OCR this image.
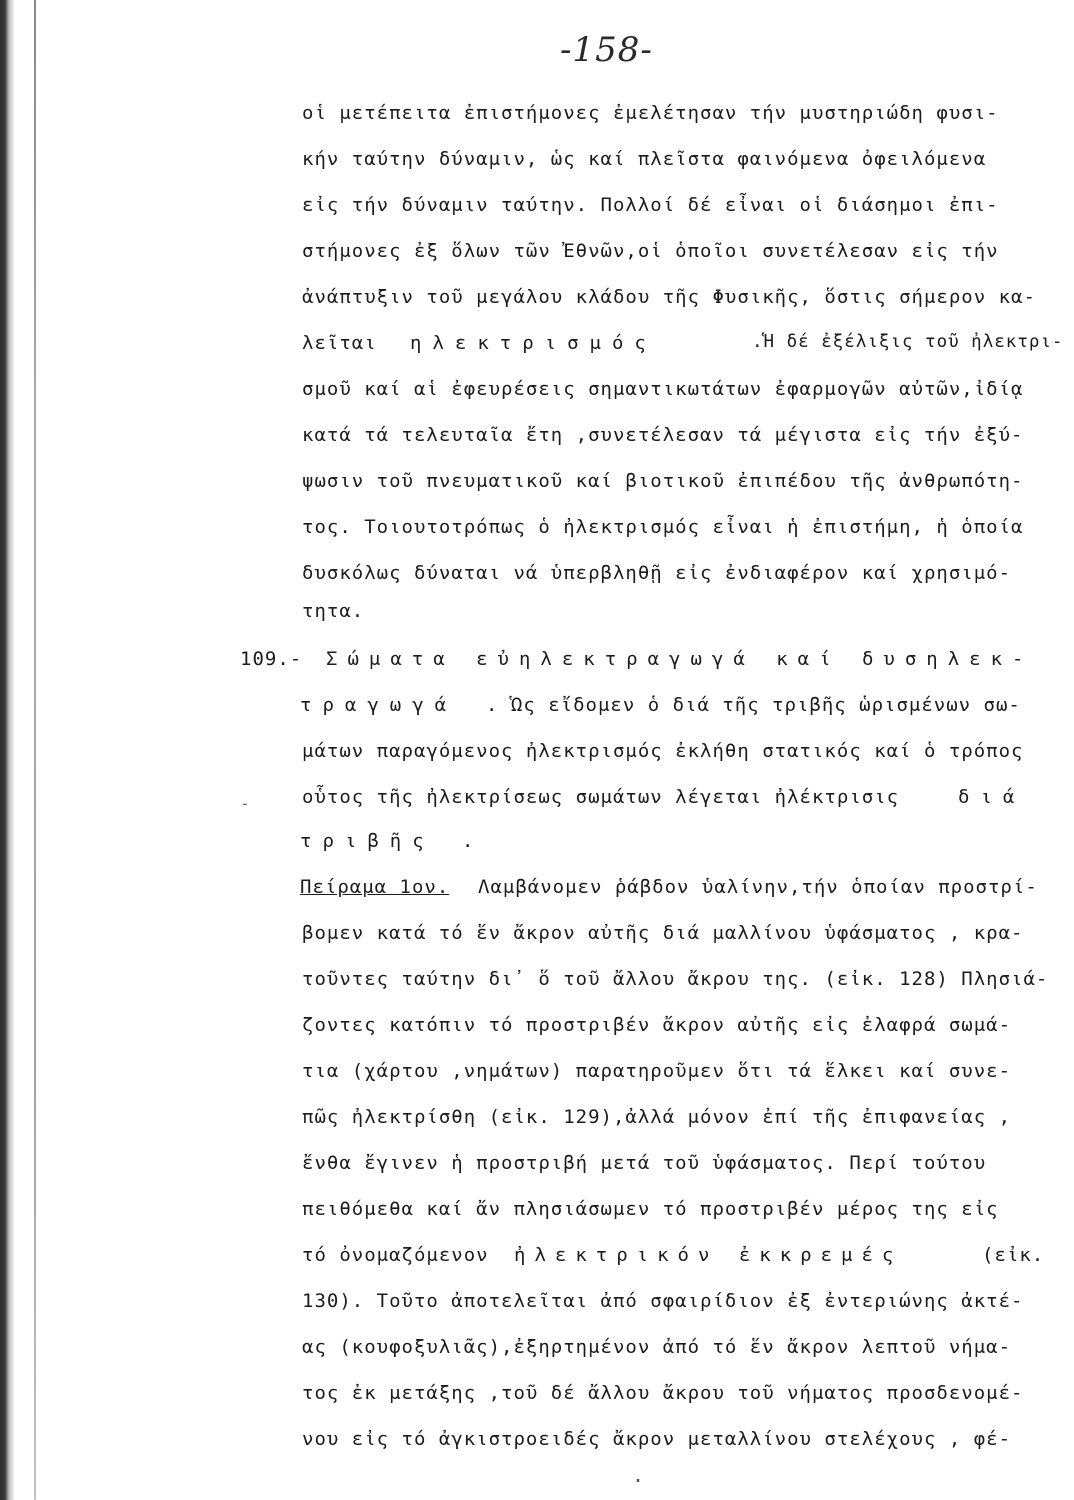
-158-
οἱ μετέπειτα ἐπιστήμονες ἐμελέτησαν τήν μυστηριώδη φυσι-
κήν ταύτην δύναμιν, ὡς καί πλεῖστα φαινόμενα ὀφειλόμενα
εἰς τήν δύναμιν ταύτην. Πολλοί δέ εἶναι οἱ διάσημοι ἐπι-
στήμονες ἐξ ὅλων τῶν Ἐθνῶν,οἱ ὁποῖοι συνετέλεσαν εἰς τήν
ἀνάπτυξιν τοῦ μεγάλου κλάδου τῆς Φυσικῆς, ὅστις σήμερον κα-
λεῖται ηλεκτρισμός	.Ἡ δέ ἐξέλιξις τοῦ ἠλεκτρι-
σμοῦ καί αἱ ἐφευρέσεις σημαντικωτάτων ἐφαρμογῶν αὐτῶν,ἰδίᾳ
κατά τά τελευταῖα ἔτη ,συνετέλεσαν τά μέγιστα εἰς τήν ἐξύ-
ψωσιν τοῦ πνευματικοῦ καί βιοτικοῦ ἐπιπέδου τῆς ἀνθρωπότη-
τος. Τοιουτοτρόπως ὁ ἠλεκτρισμός εἶναι ἡ ἐπιστήμη, ἡ ὁποία
δυσκόλως δύναται νά ὑπερβληθῇ εἰς ἐνδιαφέρον καί χρησιμό-
τητα.
109.- Σώματα εὐηλεκτραγωγά καί δυσηλεκ-
τραγωγά . Ὡς εἴδομεν ὁ διά τῆς τριβῆς ὡρισμένων σω-
μάτων παραγόμενος ἠλεκτρισμός ἐκλήθη στατικός καί ὁ τρόπος
οὗτος τῆς ἠλεκτρίσεως σωμάτων λέγεται ἠλέκτρισις	διά
τριβῆς .
Πείραμα 1ον. Λαμβάνομεν ῥάβδον ὑαλίνην,τήν ὁποίαν προστρί-
βομεν κατά τό ἕν ἄκρον αὐτῆς διά μαλλίνου ὑφάσματος , κρα-
τοῦντες ταύτην δι᾽ ὅ τοῦ ἄλλου ἄκρου της. (εἰκ. 128) Πλησιά-
ζοντες κατόπιν τό προστριβέν ἄκρον αὐτῆς εἰς ἐλαφρά σωμά-
τια (χάρτου ,νημάτων) παρατηροῦμεν ὅτι τά ἕλκει καί συνε-
πῶς ἠλεκτρίσθη (εἰκ. 129),ἀλλά μόνον ἐπί τῆς ἐπιφανείας ,
ἔνθα ἔγινεν ἡ προστριβή μετά τοῦ ὑφάσματος. Περί τούτου
πειθόμεθα καί ἄν πλησιάσωμεν τό προστριβέν μέρος της εἰς
τό ὀνομαζόμενον ἠλεκτρικόν ἐκκρεμές	(εἰκ.
130). Τοῦτο ἀποτελεῖται ἀπό σφαιρίδιον ἐξ ἐντεριώνης ἀκτέ-
ας (κουφοξυλιᾶς),ἐξηρτημένον ἀπό τό ἕν ἄκρον λεπτοῦ νήμα-
τος ἐκ μετάξης ,τοῦ δέ ἄλλου ἄκρου τοῦ νήματος προσδενομέ-
νου εἰς τό ἀγκιστροειδές ἄκρον μεταλλίνου στελέχους , φέ-
-
.
